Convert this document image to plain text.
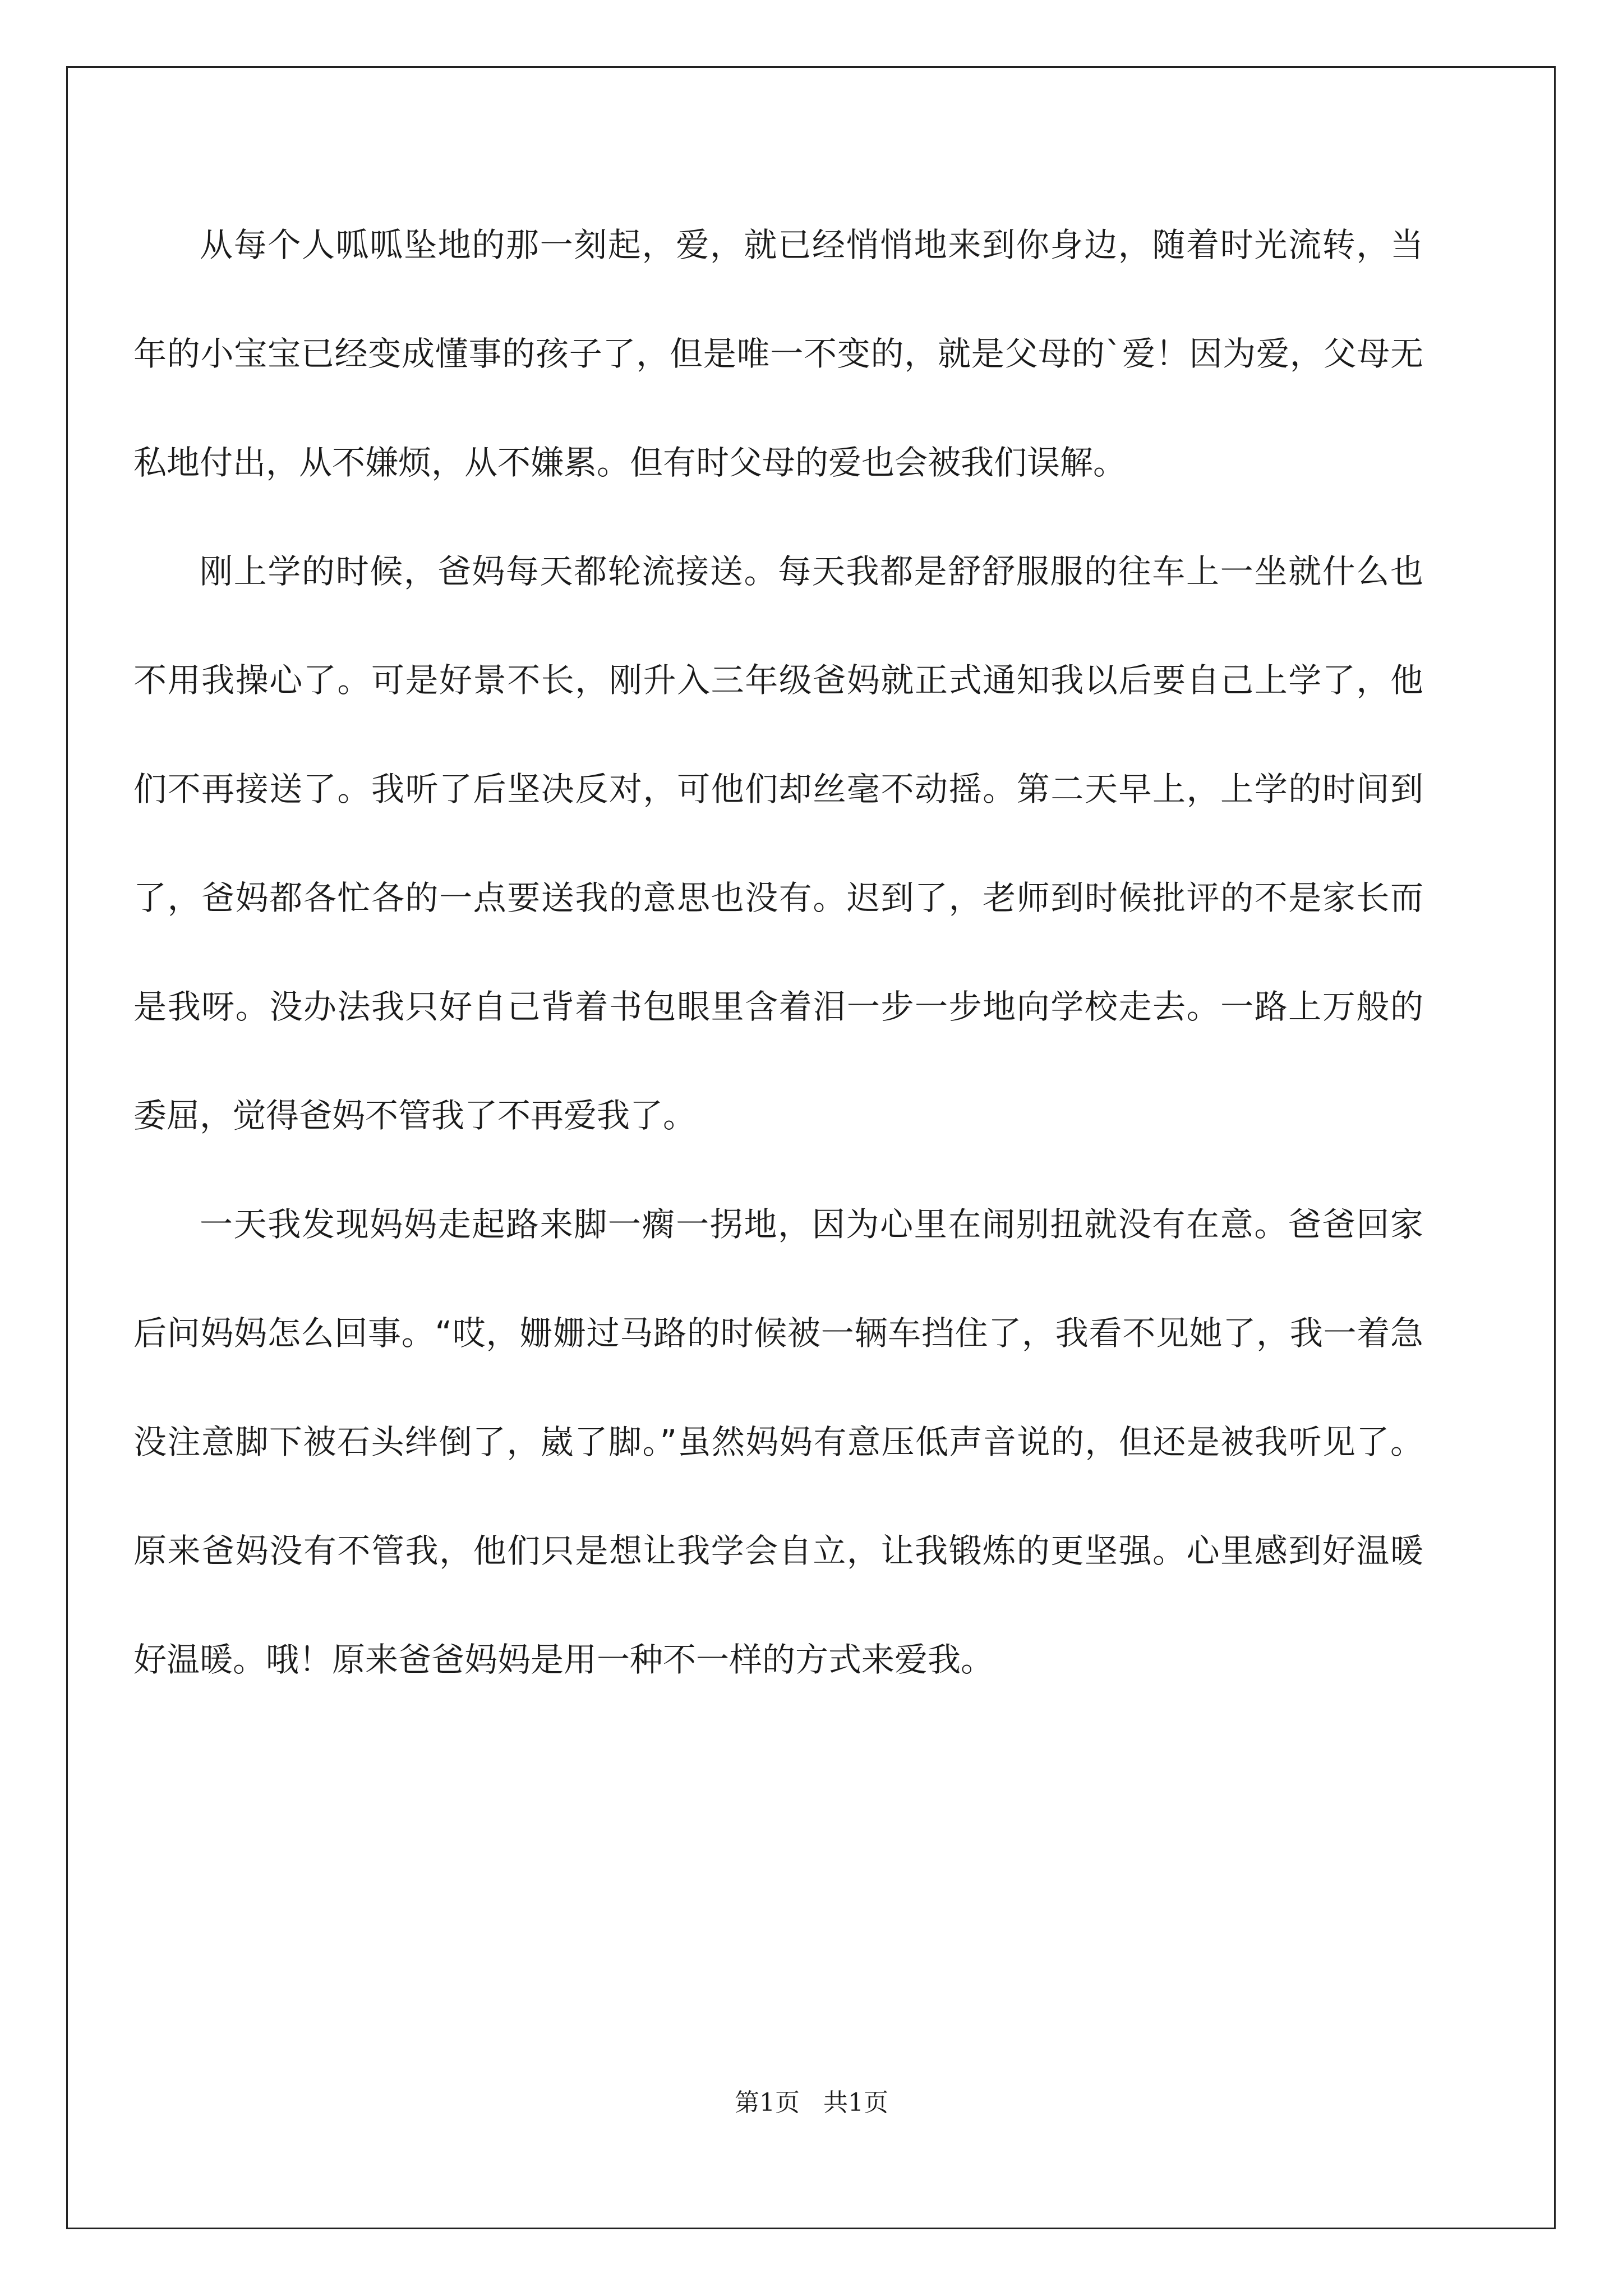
从每个人呱呱坠地的那一刻起，爱，就已经悄悄地来到你身边，随着时光流转，当年的小宝宝已经变成懂事的孩子了，但是唯一不变的，就是父母的`爱！因为爱，父母无私地付出，从不嫌烦，从不嫌累。但有时父母的爱也会被我们误解。

刚上学的时候，爸妈每天都轮流接送。每天我都是舒舒服服的往车上一坐就什么也不用我操心了。可是好景不长，刚升入三年级爸妈就正式通知我以后要自己上学了，他们不再接送了。我听了后坚决反对，可他们却丝毫不动摇。第二天早上，上学的时间到了，爸妈都各忙各的一点要送我的意思也没有。迟到了，老师到时候批评的不是家长而是我呀。没办法我只好自己背着书包眼里含着泪一步一步地向学校走去。一路上万般的委屈，觉得爸妈不管我了不再爱我了。

一天我发现妈妈走起路来脚一瘸一拐地，因为心里在闹别扭就没有在意。爸爸回家后问妈妈怎么回事。“哎，姗姗过马路的时候被一辆车挡住了，我看不见她了，我一着急没注意脚下被石头绊倒了，崴了脚。”虽然妈妈有意压低声音说的，但还是被我听见了。原来爸妈没有不管我，他们只是想让我学会自立，让我锻炼的更坚强。心里感到好温暖好温暖。哦！原来爸爸妈妈是用一种不一样的方式来爱我。

第1页   共1页
